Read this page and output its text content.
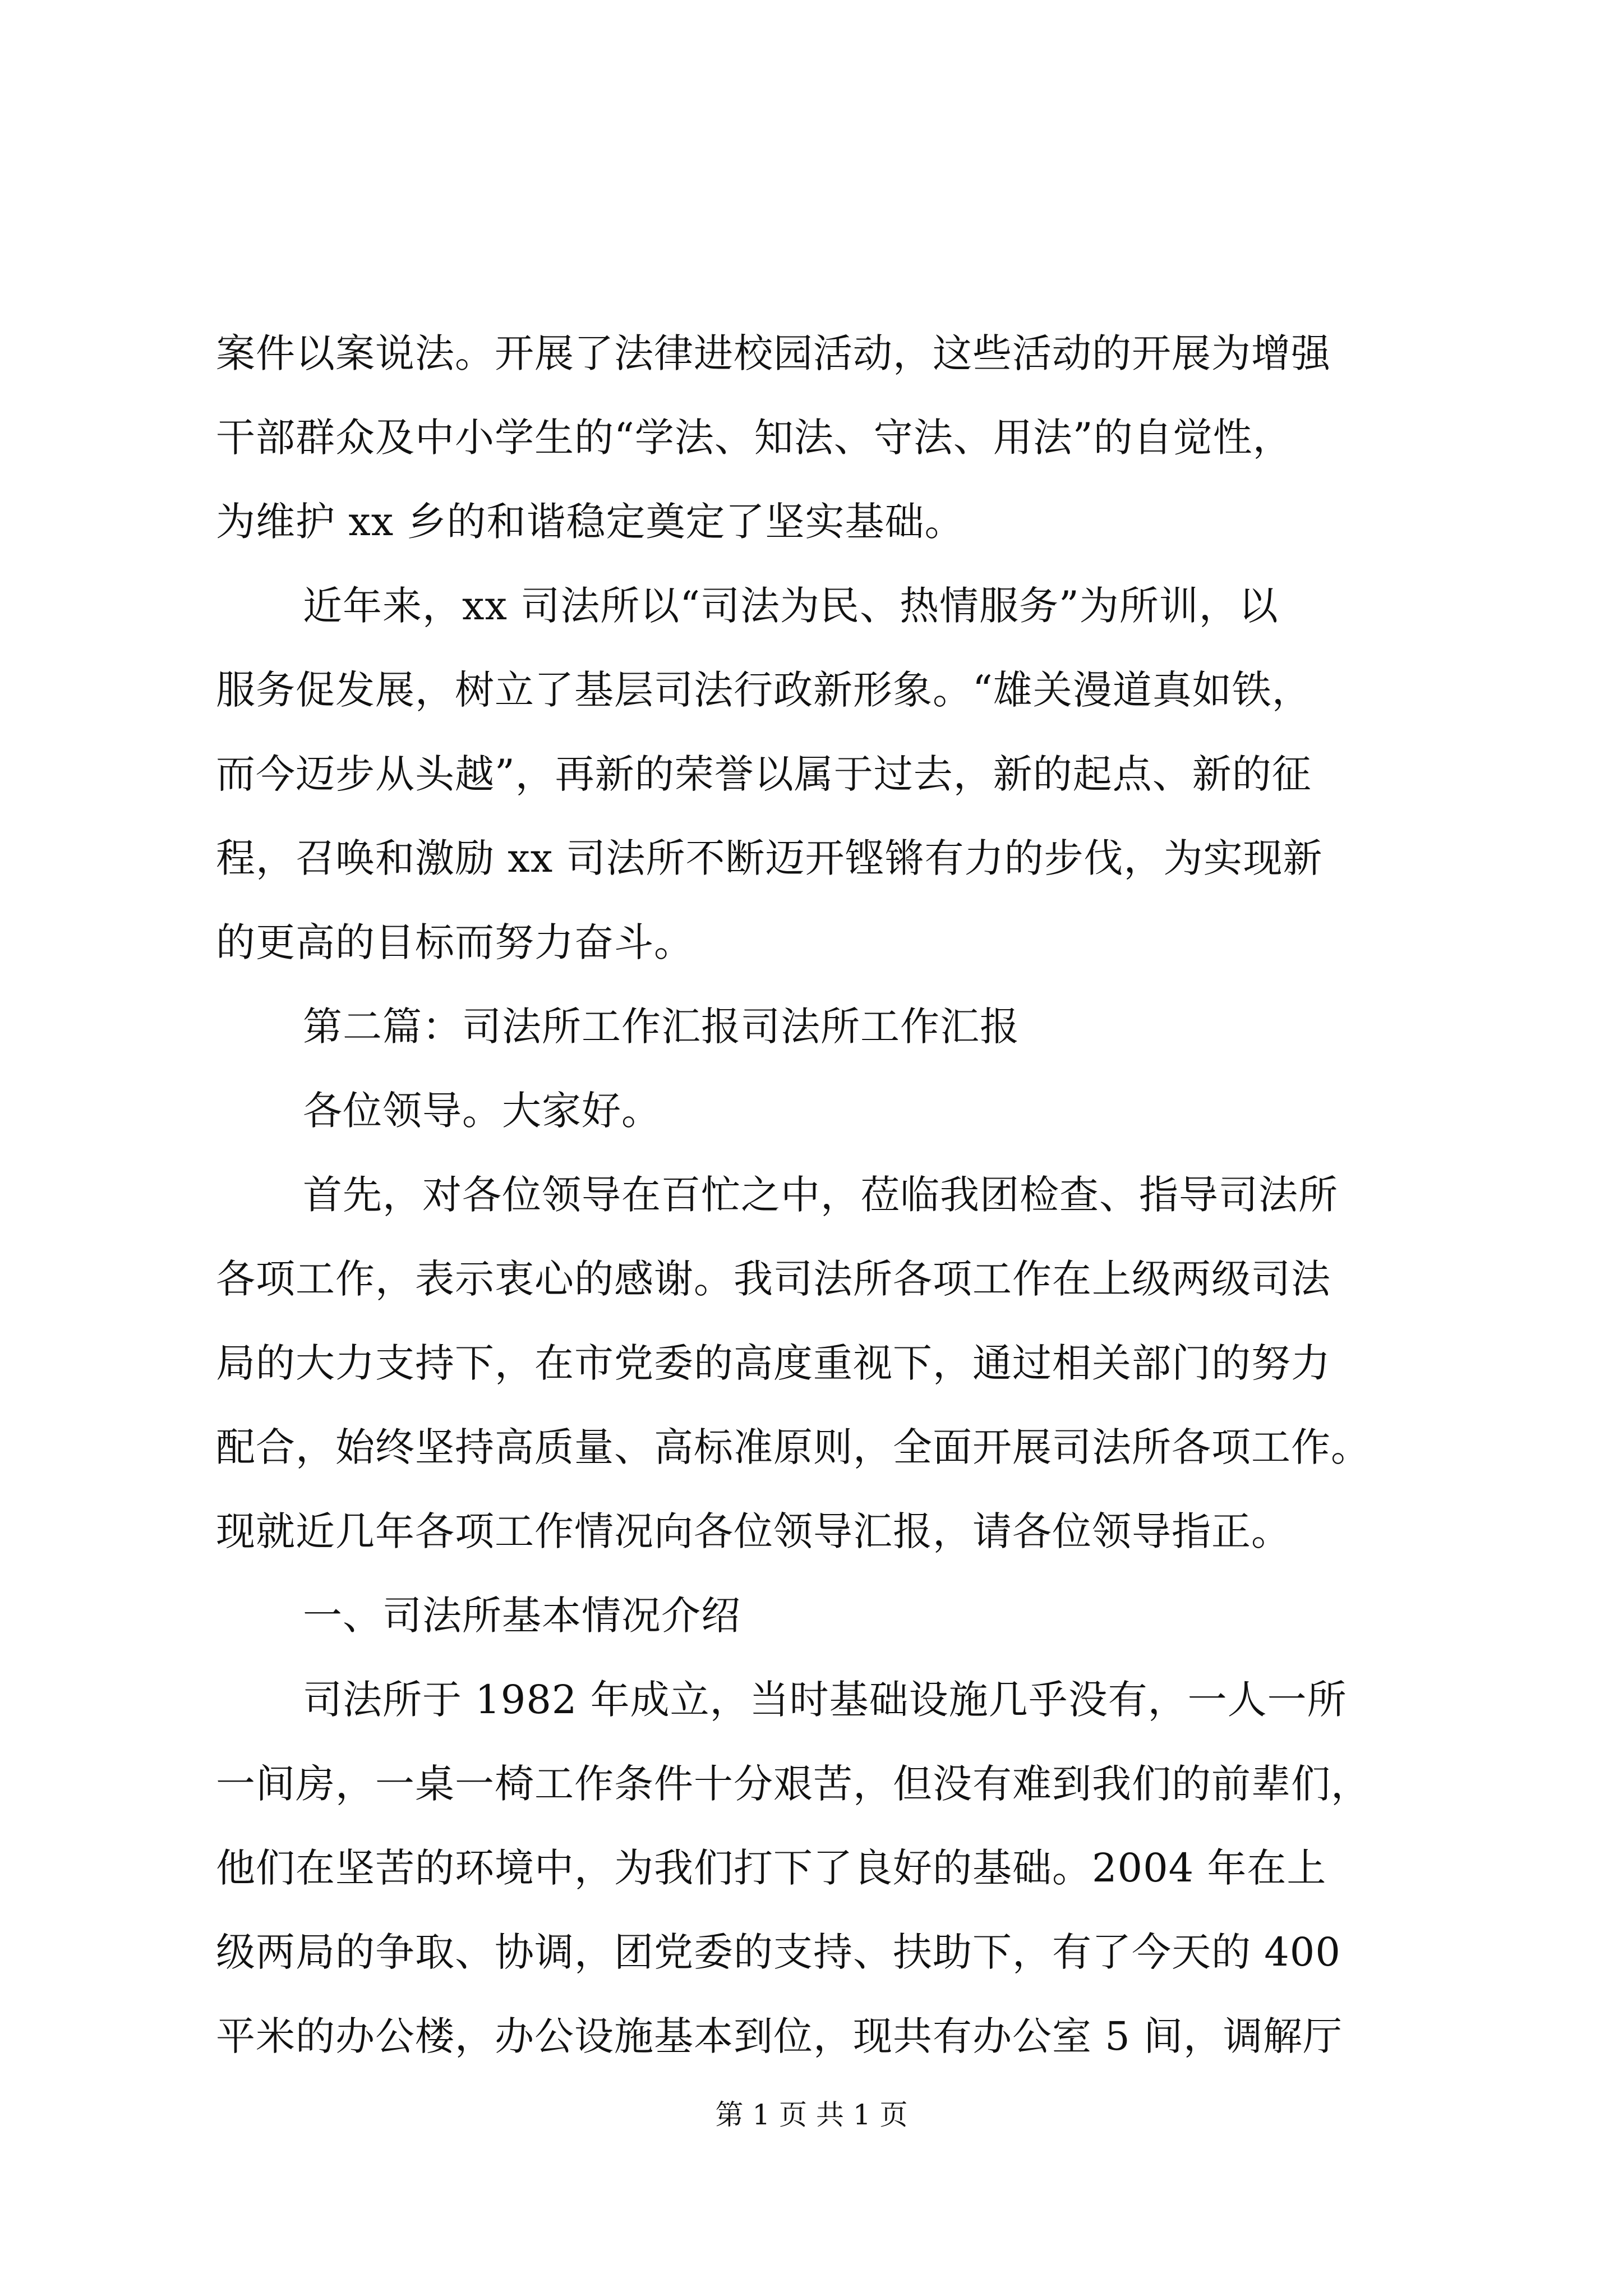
案件以案说法。开展了法律进校园活动，这些活动的开展为增强
干部群众及中小学生的“学法、知法、守法、用法”的自觉性，
为维护 xx 乡的和谐稳定奠定了坚实基础。
近年来，xx 司法所以“司法为民、热情服务”为所训，以
服务促发展，树立了基层司法行政新形象。“雄关漫道真如铁，
而今迈步从头越”，再新的荣誉以属于过去，新的起点、新的征
程，召唤和激励 xx 司法所不断迈开铿锵有力的步伐，为实现新
的更高的目标而努力奋斗。
第二篇：司法所工作汇报司法所工作汇报
各位领导。大家好。
首先，对各位领导在百忙之中，莅临我团检查、指导司法所
各项工作，表示衷心的感谢。我司法所各项工作在上级两级司法
局的大力支持下，在市党委的高度重视下，通过相关部门的努力
配合，始终坚持高质量、高标准原则，全面开展司法所各项工作。
现就近几年各项工作情况向各位领导汇报，请各位领导指正。
一、司法所基本情况介绍
司法所于 1982 年成立，当时基础设施几乎没有，一人一所
一间房，一桌一椅工作条件十分艰苦，但没有难到我们的前辈们，
他们在坚苦的环境中，为我们打下了良好的基础。2004 年在上
级两局的争取、协调，团党委的支持、扶助下，有了今天的 400
平米的办公楼，办公设施基本到位，现共有办公室 5 间，调解厅
第 1 页 共 1 页
